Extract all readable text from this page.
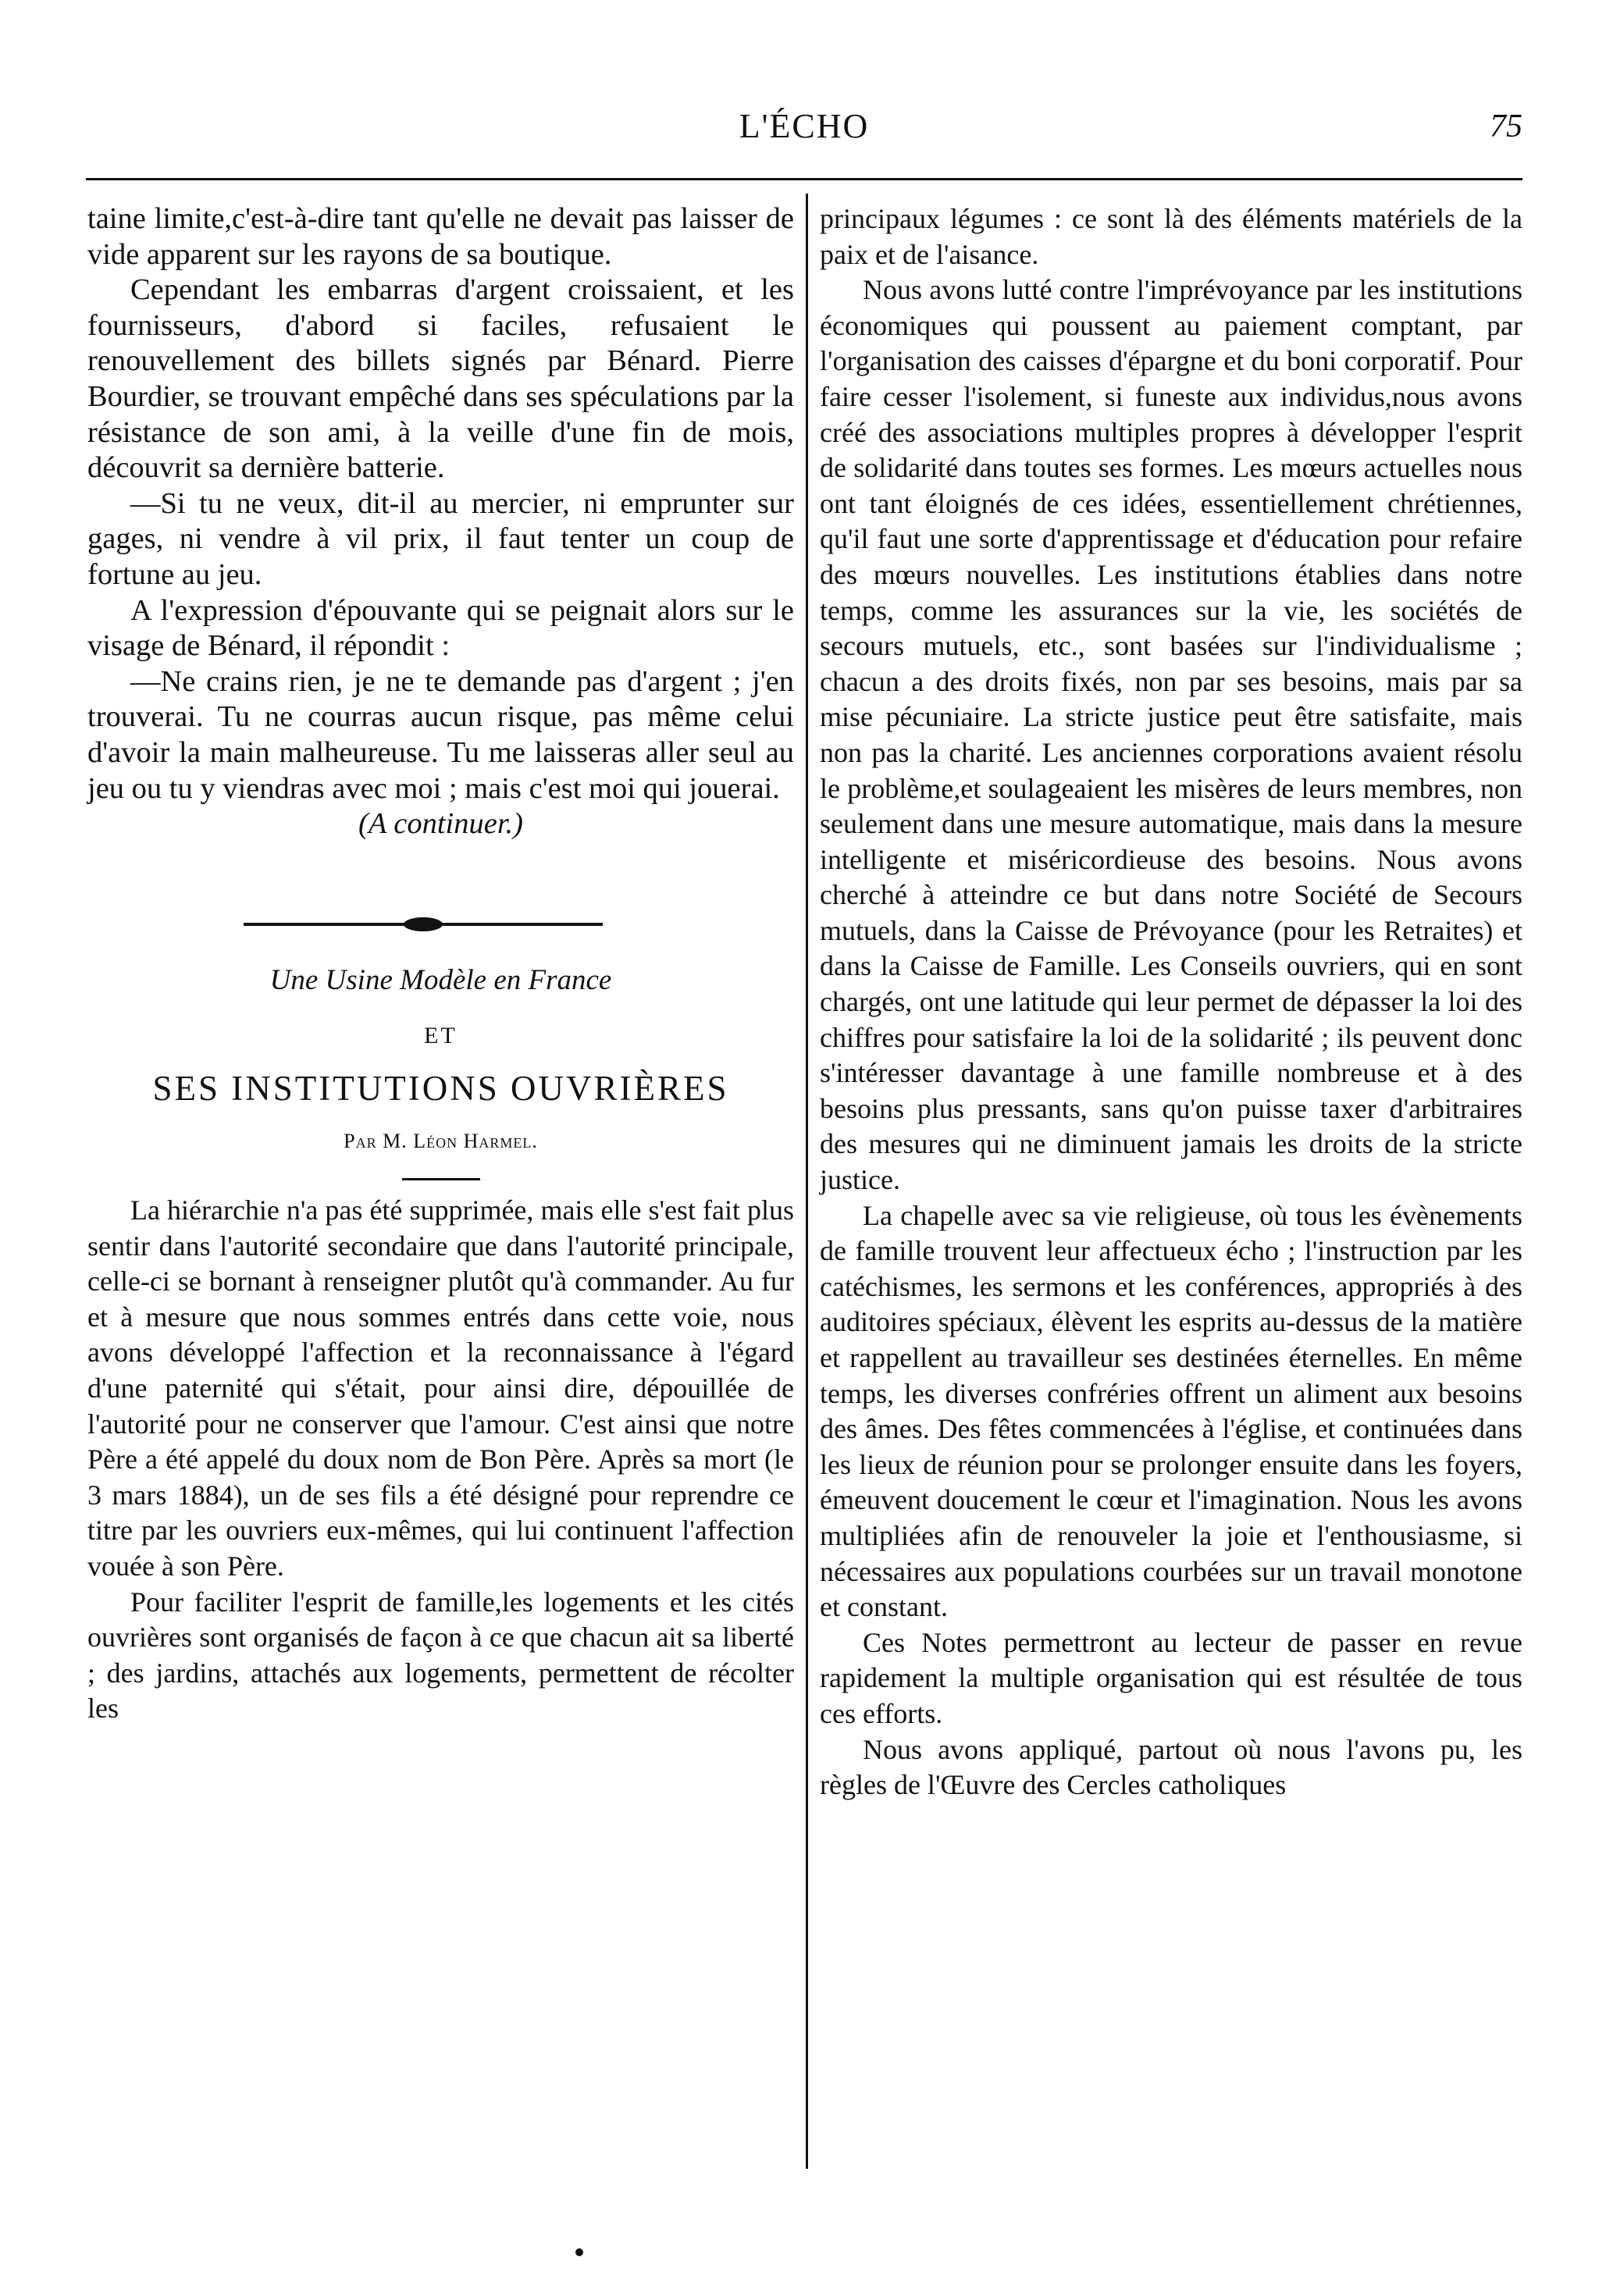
L'ÉCHO	75

taine limite,c'est-à-dire tant qu'elle ne devait pas laisser de vide apparent sur les rayons de sa boutique.

Cependant les embarras d'argent croissaient, et les fournisseurs, d'abord si faciles, refusaient le renouvellement des billets signés par Bénard. Pierre Bourdier, se trouvant empêché dans ses spéculations par la résistance de son ami, à la veille d'une fin de mois, découvrit sa dernière batterie.

—Si tu ne veux, dit-il au mercier, ni emprunter sur gages, ni vendre à vil prix, il faut tenter un coup de fortune au jeu.

A l'expression d'épouvante qui se peignait alors sur le visage de Bénard, il répondit :

—Ne crains rien, je ne te demande pas d'argent ; j'en trouverai. Tu ne courras aucun risque, pas même celui d'avoir la main malheureuse. Tu me laisseras aller seul au jeu ou tu y viendras avec moi ; mais c'est moi qui jouerai.

(A continuer.)

Une Usine Modèle en France
ET
SES INSTITUTIONS OUVRIÈRES
Par M. Léon Harmel.

La hiérarchie n'a pas été supprimée, mais elle s'est fait plus sentir dans l'autorité secondaire que dans l'autorité principale, celle-ci se bornant à renseigner plutôt qu'à commander. Au fur et à mesure que nous sommes entrés dans cette voie, nous avons développé l'affection et la reconnaissance à l'égard d'une paternité qui s'était, pour ainsi dire, dépouillée de l'autorité pour ne conserver que l'amour. C'est ainsi que notre Père a été appelé du doux nom de Bon Père. Après sa mort (le 3 mars 1884), un de ses fils a été désigné pour reprendre ce titre par les ouvriers eux-mêmes, qui lui continuent l'affection vouée à son Père.

Pour faciliter l'esprit de famille,les logements et les cités ouvrières sont organisés de façon à ce que chacun ait sa liberté ; des jardins, attachés aux logements, permettent de récolter les

principaux légumes : ce sont là des éléments matériels de la paix et de l'aisance.

Nous avons lutté contre l'imprévoyance par les institutions économiques qui poussent au paiement comptant, par l'organisation des caisses d'épargne et du boni corporatif. Pour faire cesser l'isolement, si funeste aux individus,nous avons créé des associations multiples propres à développer l'esprit de solidarité dans toutes ses formes. Les mœurs actuelles nous ont tant éloignés de ces idées, essentiellement chrétiennes, qu'il faut une sorte d'apprentissage et d'éducation pour refaire des mœurs nouvelles. Les institutions établies dans notre temps, comme les assurances sur la vie, les sociétés de secours mutuels, etc., sont basées sur l'individualisme ; chacun a des droits fixés, non par ses besoins, mais par sa mise pécuniaire. La stricte justice peut être satisfaite, mais non pas la charité. Les anciennes corporations avaient résolu le problème,et soulageaient les misères de leurs membres, non seulement dans une mesure automatique, mais dans la mesure intelligente et miséricordieuse des besoins. Nous avons cherché à atteindre ce but dans notre Société de Secours mutuels, dans la Caisse de Prévoyance (pour les Retraites) et dans la Caisse de Famille. Les Conseils ouvriers, qui en sont chargés, ont une latitude qui leur permet de dépasser la loi des chiffres pour satisfaire la loi de la solidarité ; ils peuvent donc s'intéresser davantage à une famille nombreuse et à des besoins plus pressants, sans qu'on puisse taxer d'arbitraires des mesures qui ne diminuent jamais les droits de la stricte justice.

La chapelle avec sa vie religieuse, où tous les évènements de famille trouvent leur affectueux écho ; l'instruction par les catéchismes, les sermons et les conférences, appropriés à des auditoires spéciaux, élèvent les esprits au-dessus de la matière et rappellent au travailleur ses destinées éternelles. En même temps, les diverses confréries offrent un aliment aux besoins des âmes. Des fêtes commencées à l'église, et continuées dans les lieux de réunion pour se prolonger ensuite dans les foyers, émeuvent doucement le cœur et l'imagination. Nous les avons multipliées afin de renouveler la joie et l'enthousiasme, si nécessaires aux populations courbées sur un travail monotone et constant.

Ces Notes permettront au lecteur de passer en revue rapidement la multiple organisation qui est résultée de tous ces efforts.

Nous avons appliqué, partout où nous l'avons pu, les règles de l'Œuvre des Cercles catholiques
